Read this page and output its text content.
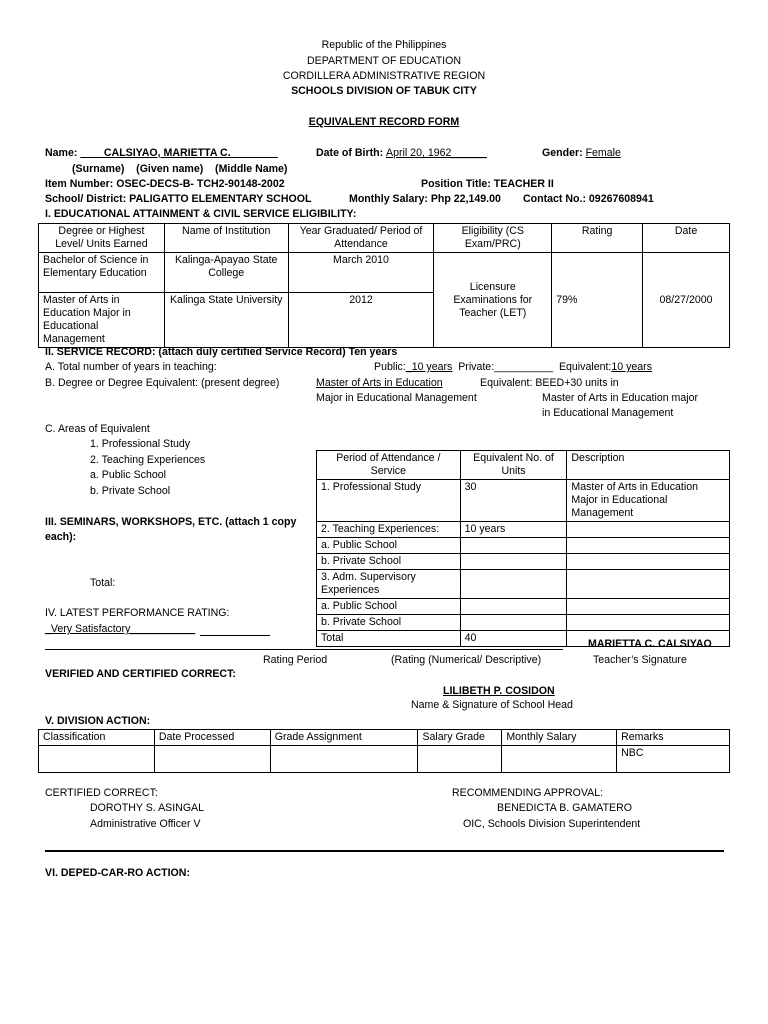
Republic of the Philippines
DEPARTMENT OF EDUCATION
CORDILLERA ADMINISTRATIVE REGION
SCHOOLS DIVISION OF TABUK CITY
EQUIVALENT RECORD FORM
Name: ____CALSIYAO, MARIETTA C.________	Date of Birth: April 20, 1962______	Gender: Female
(Surname)    (Given name)    (Middle Name)
Item Number: OSEC-DECS-B- TCH2-90148-2002	Position Title: TEACHER II
School/ District: PALIGATTO ELEMENTARY SCHOOL	Monthly Salary: Php 22,149.00 Contact No.: 09267608941
I. EDUCATIONAL ATTAINMENT & CIVIL SERVICE ELIGIBILITY:
Degree or Highest Level/ Units Earned	Name of Institution	Year Graduated/ Period of Attendance	Eligibility (CS Exam/PRC)	Rating	Date
Bachelor of Science in Elementary Education	Kalinga-Apayao State College	March 2010	Licensure Examinations for Teacher (LET)	79%	08/27/2000
Master of Arts in Education Major in Educational Management	Kalinga State University	2012			
II. SERVICE RECORD: (attach duly certified Service Record) Ten years
A. Total number of years in teaching:	Public:_10 years Private:__________ Equivalent:10 years
B. Degree or Degree Equivalent: (present degree)	Master of Arts in Education
Major in Educational Management
Equivalent: BEED+30 units in
Master of Arts in Education major
in Educational Management
C. Areas of Equivalent
1. Professional Study
2. Teaching Experiences
a. Public School
b. Private School
Period of Attendance / Service	Equivalent No. of Units	Description
1. Professional Study	30	Master of Arts in Education Major in Educational Management
2. Teaching Experiences:	10 years	
a. Public School		
b. Private School		
3. Adm. Supervisory Experiences		
a. Public School		
b. Private School		
Total	40	
III. SEMINARS, WORKSHOPS, ETC. (attach 1 copy
each):
Total:
IV. LATEST PERFORMANCE RATING:
_Very Satisfactory___________
MARIETTA C. CALSIYAO
Rating Period	(Rating (Numerical/ Descriptive)	Teacher’s Signature
VERIFIED AND CERTIFIED CORRECT:
LILIBETH P. COSIDON
Name & Signature of School Head
V. DIVISION ACTION:
Classification	Date Processed	Grade Assignment	Salary Grade	Monthly Salary	Remarks
					NBC
CERTIFIED CORRECT:
DOROTHY S. ASINGAL
Administrative Officer V
RECOMMENDING APPROVAL:
BENEDICTA B. GAMATERO
OIC, Schools Division Superintendent
VI. DEPED-CAR-RO ACTION:
